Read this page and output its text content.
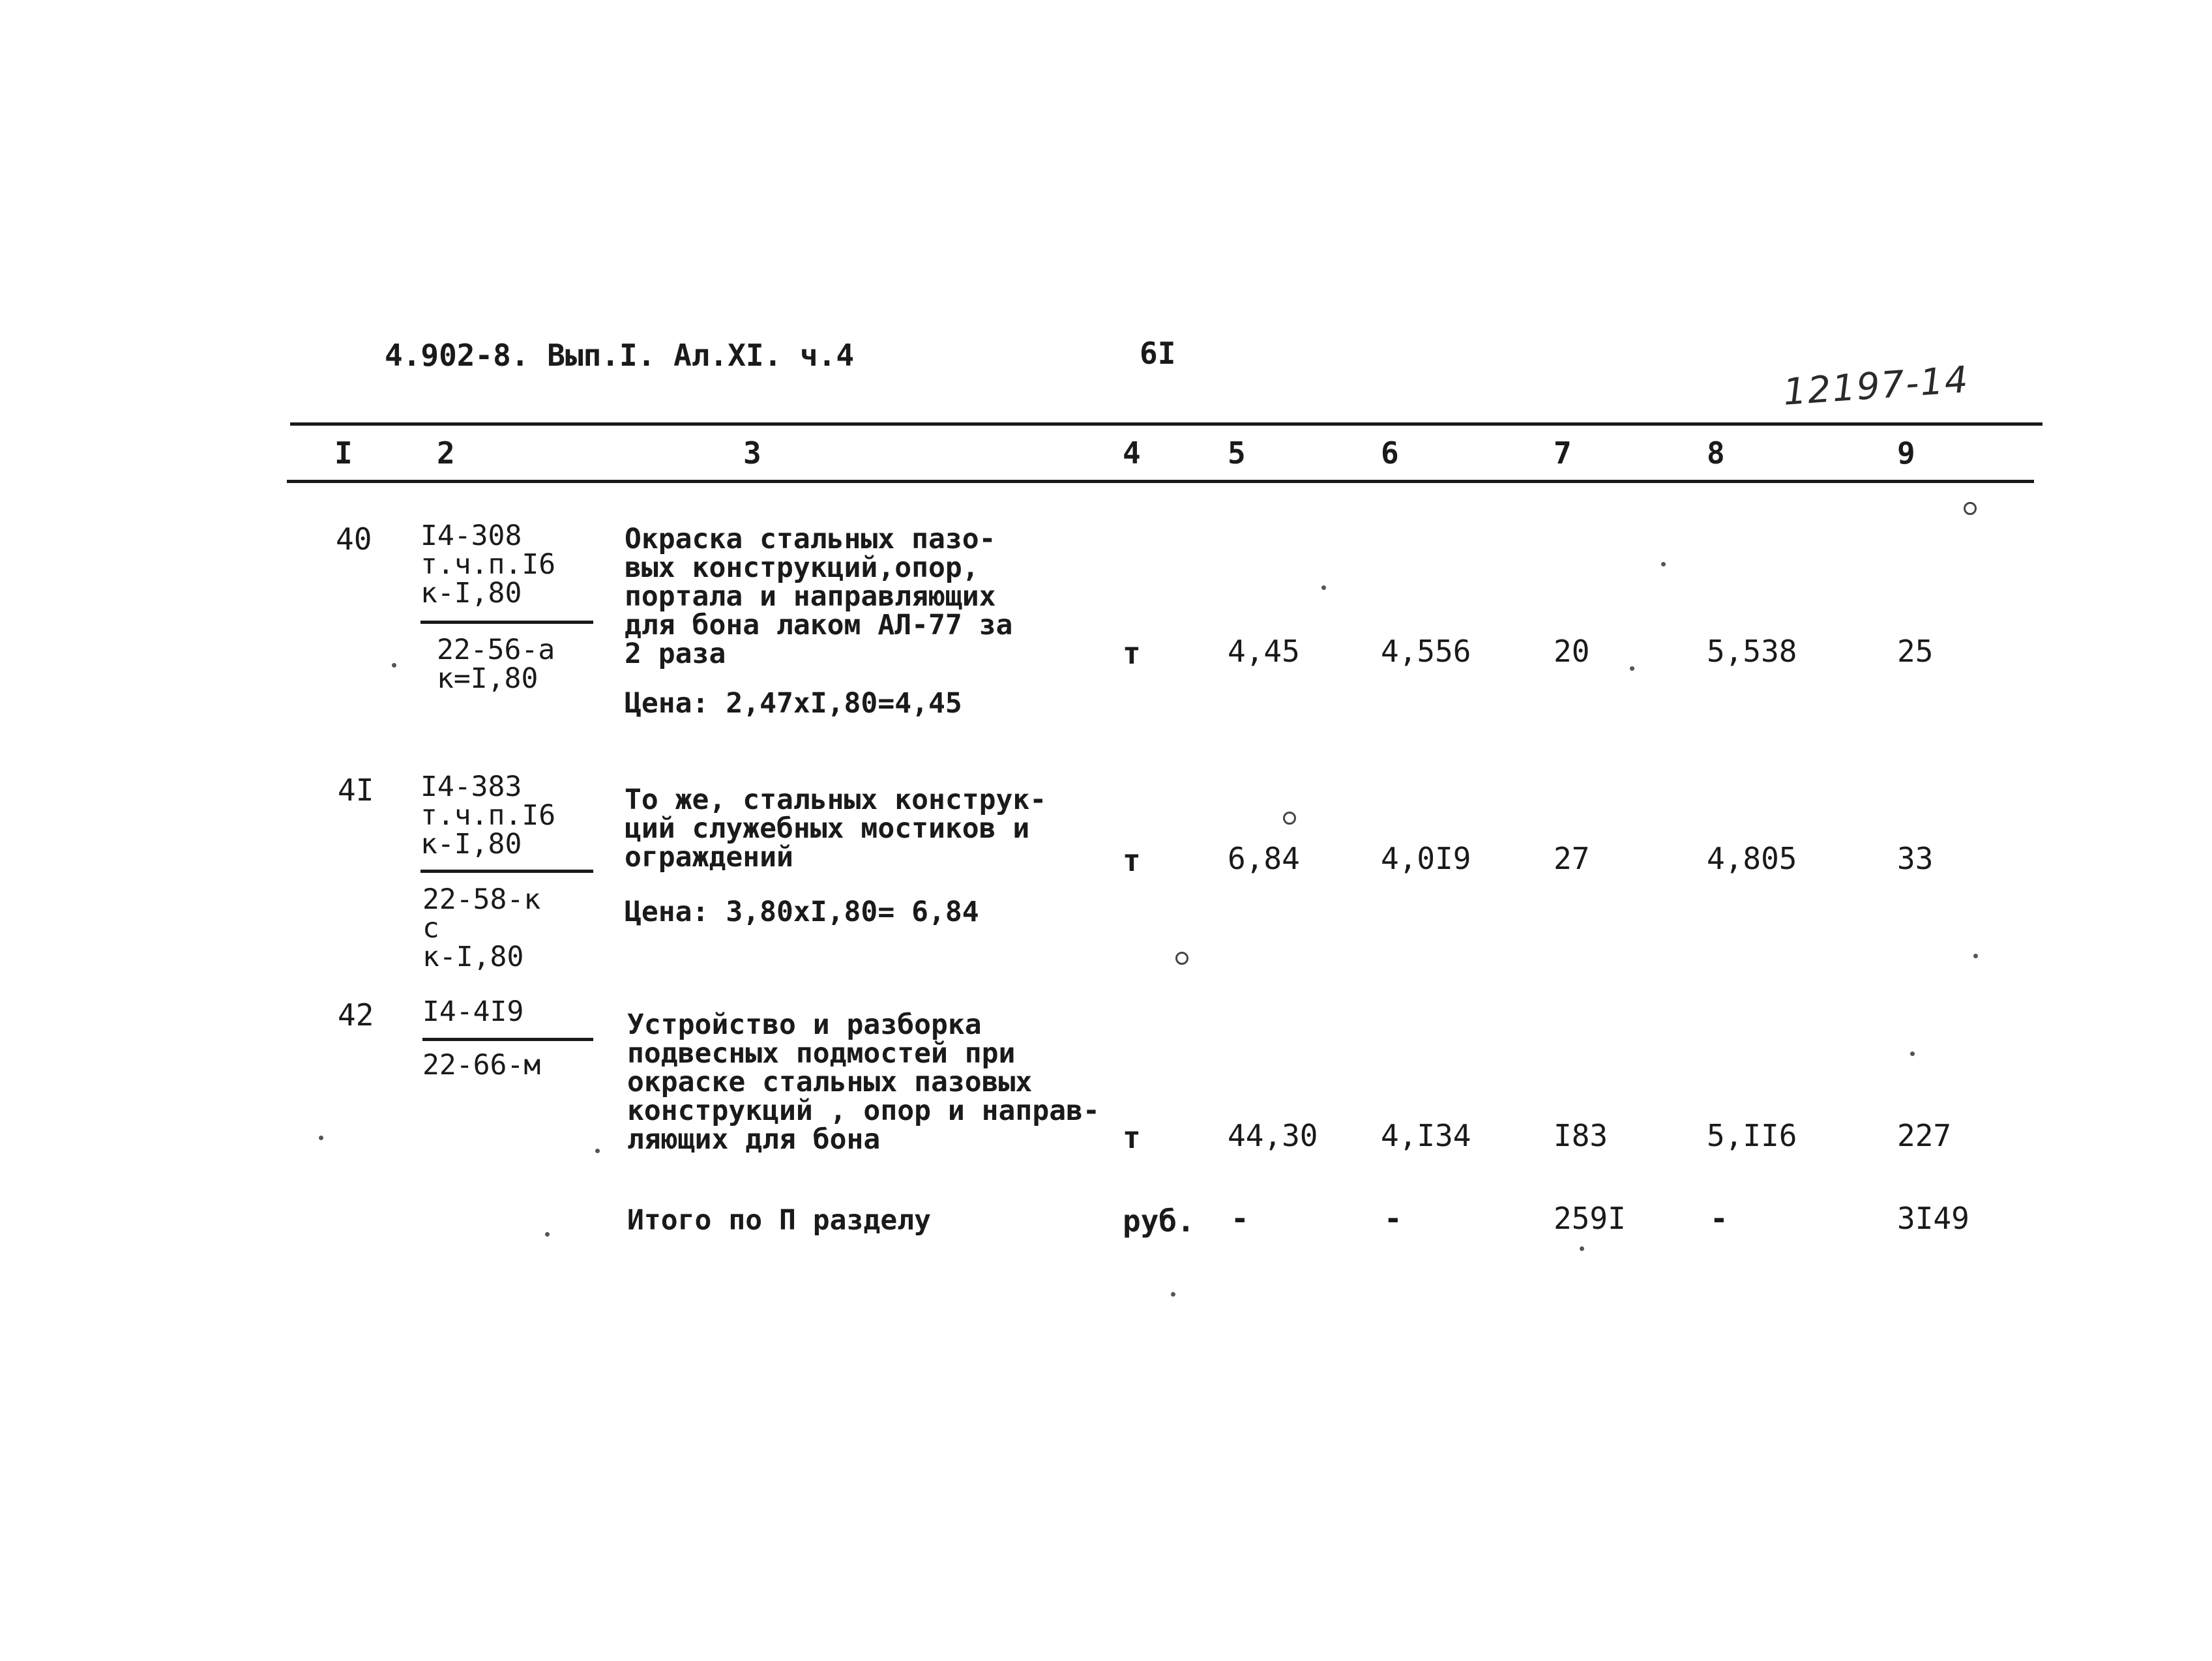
4.902-8. Вып.I. Ал.XI. ч.4	6I
12197-14
I	2	3	4	5	6	7	8	9
40 I4-308
т.ч.п.I6
к-I,80
22-56-а
к=I,80
Окраска стальных пазо-
вых конструкций,опор,
портала и направляющих
для бона лаком АЛ-77 за
2 раза
Цена: 2,47хI,80=4,45
т	4,45	4,556	20	5,538	25
4I I4-383
т.ч.п.I6
к-I,80
22-58-к
с
к-I,80
То же, стальных конструк-
ций служебных мостиков и
ограждений
Цена: 3,80хI,80= 6,84
т	6,84	4,0I9	27	4,805	33
42 I4-4I9
22-66-м
Устройство и разборка
подвесных подмостей при
окраске стальных пазовых
конструкций , опор и направ-
ляющих для бона	т	44,30 4,I34	I83	5,II6	227
Итого по П разделу	руб. -	-	259I	-	3I49
